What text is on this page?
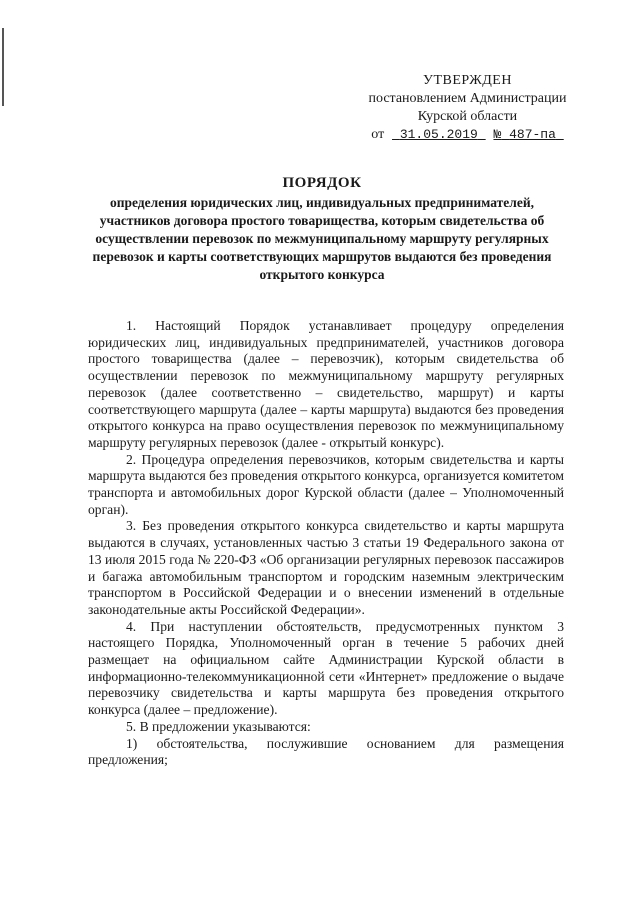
УТВЕРЖДЕН
постановлением Администрации
Курской области
от 31.05.2019 № 487-па
ПОРЯДОК
определения юридических лиц, индивидуальных предпринимателей, участников договора простого товарищества, которым свидетельства об осуществлении перевозок по межмуниципальному маршруту регулярных перевозок и карты соответствующих маршрутов выдаются без проведения открытого конкурса

1. Настоящий Порядок устанавливает процедуру определения юридических лиц, индивидуальных предпринимателей, участников договора простого товарищества (далее – перевозчик), которым свидетельства об осуществлении перевозок по межмуниципальному маршруту регулярных перевозок (далее соответственно – свидетельство, маршрут) и карты соответствующего маршрута (далее – карты маршрута) выдаются без проведения открытого конкурса на право осуществления перевозок по межмуниципальному маршруту регулярных перевозок (далее - открытый конкурс).

2. Процедура определения перевозчиков, которым свидетельства и карты маршрута выдаются без проведения открытого конкурса, организуется комитетом транспорта и автомобильных дорог Курской области (далее – Уполномоченный орган).

3. Без проведения открытого конкурса свидетельство и карты маршрута выдаются в случаях, установленных частью 3 статьи 19 Федерального закона от 13 июля 2015 года № 220-ФЗ «Об организации регулярных перевозок пассажиров и багажа автомобильным транспортом и городским наземным электрическим транспортом в Российской Федерации и о внесении изменений в отдельные законодательные акты Российской Федерации».

4. При наступлении обстоятельств, предусмотренных пунктом 3 настоящего Порядка, Уполномоченный орган в течение 5 рабочих дней размещает на официальном сайте Администрации Курской области в информационно-телекоммуникационной сети «Интернет» предложение о выдаче перевозчику свидетельства и карты маршрута без проведения открытого конкурса (далее – предложение).

5. В предложении указываются:

1) обстоятельства, послужившие основанием для размещения предложения;
